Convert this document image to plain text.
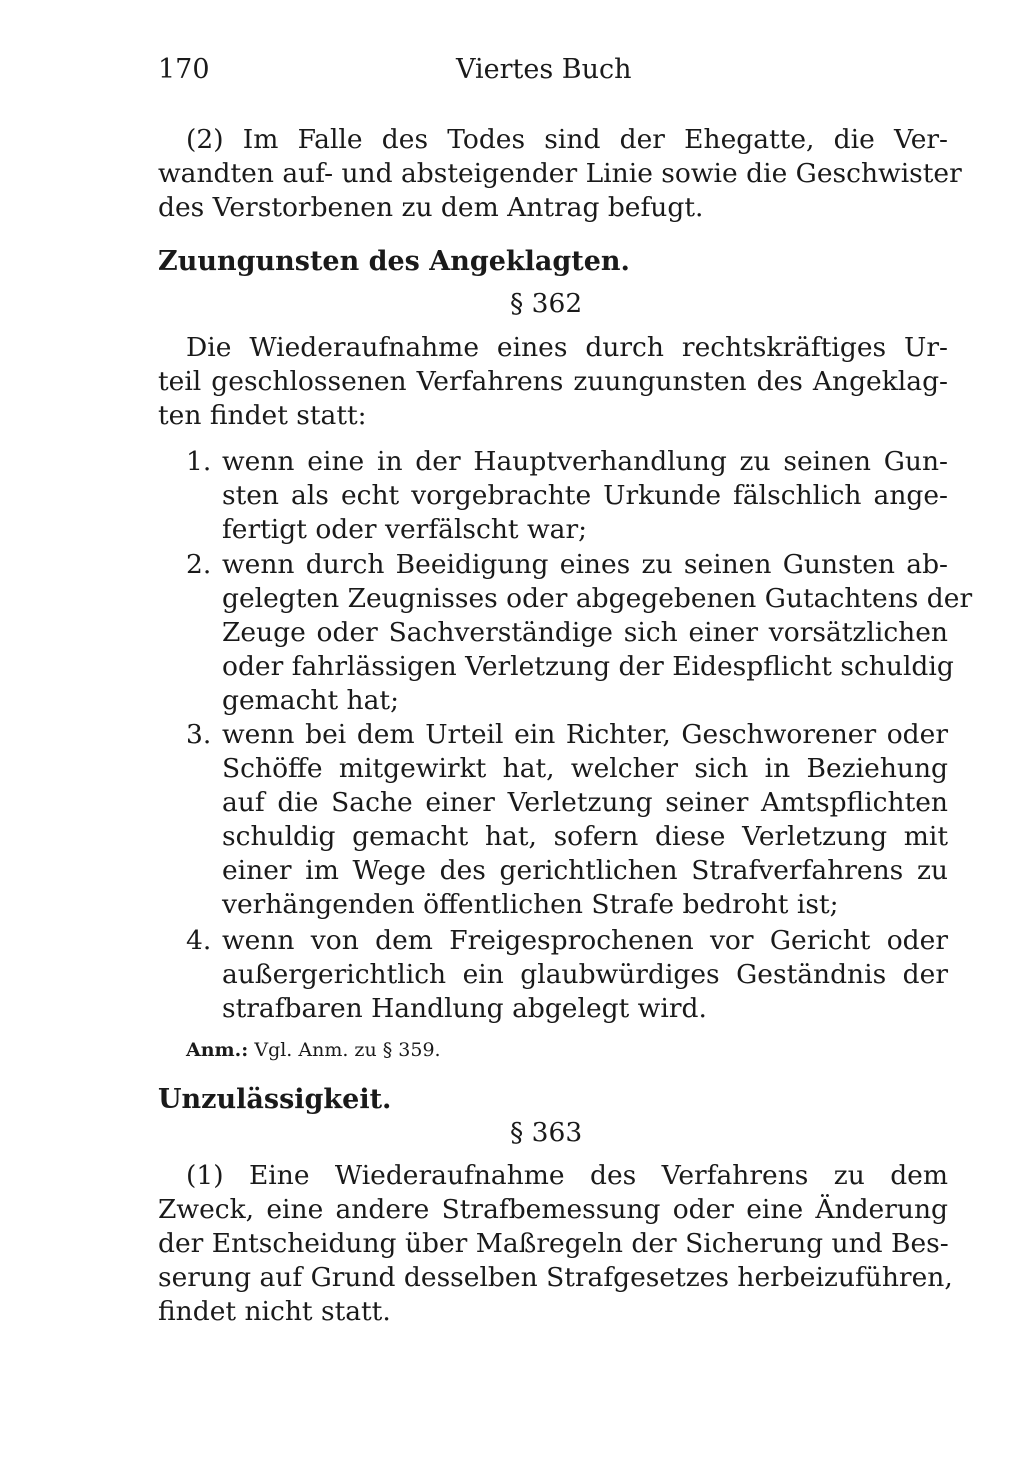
170	Viertes Buch
(2) Im Falle des Todes sind der Ehegatte, die Ver-
wandten auf- und absteigender Linie sowie die Geschwister
des Verstorbenen zu dem Antrag befugt.
Zuungunsten des Angeklagten.
§ 362
Die Wiederaufnahme eines durch rechtskräftiges Ur-
teil geschlossenen Verfahrens zuungunsten des Angeklag-
ten findet statt:
1. wenn eine in der Hauptverhandlung zu seinen Gun-
sten als echt vorgebrachte Urkunde fälschlich ange-
fertigt oder verfälscht war;
2. wenn durch Beeidigung eines zu seinen Gunsten ab-
gelegten Zeugnisses oder abgegebenen Gutachtens der
Zeuge oder Sachverständige sich einer vorsätzlichen
oder fahrlässigen Verletzung der Eidespflicht schuldig
gemacht hat;
3. wenn bei dem Urteil ein Richter, Geschworener oder
Schöffe mitgewirkt hat, welcher sich in Beziehung
auf die Sache einer Verletzung seiner Amtspflichten
schuldig gemacht hat, sofern diese Verletzung mit
einer im Wege des gerichtlichen Strafverfahrens zu
verhängenden öffentlichen Strafe bedroht ist;
4. wenn von dem Freigesprochenen vor Gericht oder
außergerichtlich ein glaubwürdiges Geständnis der
strafbaren Handlung abgelegt wird.
Anm.: Vgl. Anm. zu § 359.
Unzulässigkeit.
§ 363
(1) Eine Wiederaufnahme des Verfahrens zu dem
Zweck, eine andere Strafbemessung oder eine Änderung
der Entscheidung über Maßregeln der Sicherung und Bes-
serung auf Grund desselben Strafgesetzes herbeizuführen,
findet nicht statt.
